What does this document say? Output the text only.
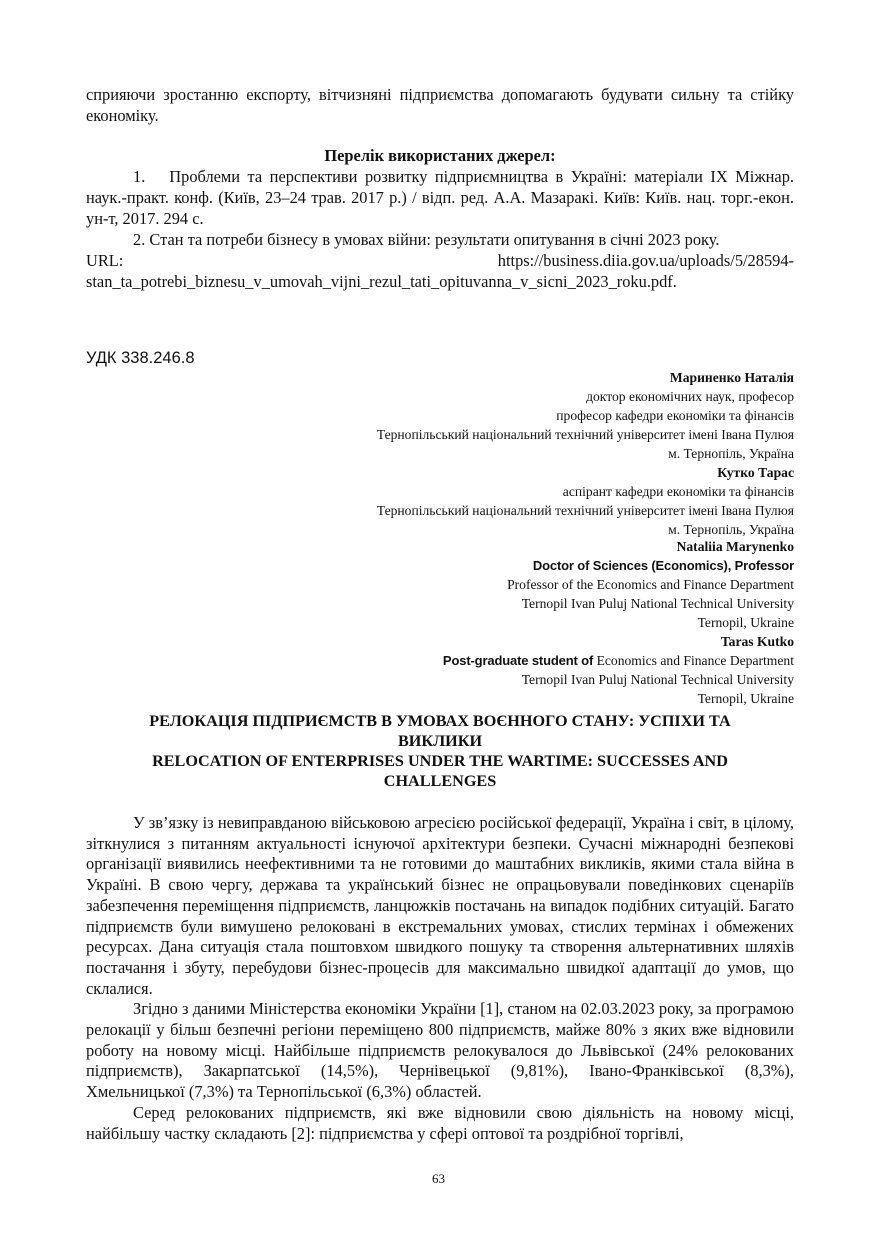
сприяючи зростанню експорту, вітчизняні підприємства допомагають будувати сильну та стійку економіку.

Перелік використаних джерел:

1. Проблеми та перспективи розвитку підприємництва в Україні: матеріали IX Міжнар. наук.-практ. конф. (Київ, 23–24 трав. 2017 р.) / відп. ред. А.А. Мазаракі. Київ: Київ. нац. торг.-екон. ун-т, 2017. 294 с.

2. Стан та потреби бізнесу в умовах війни: результати опитування в січні 2023 року.

URL:	https://business.diia.gov.ua/uploads/5/28594-

stan_ta_potrebi_biznesu_v_umovah_vijni_rezul_tati_opituvanna_v_sicni_2023_roku.pdf.

УДК 338.246.8
Мариненко Наталія
доктор економічних наук, професор
професор кафедри економіки та фінансів
Тернопільський національний технічний університет імені Івана Пулюя
м. Тернопіль, Україна
Кутко Тарас
аспірант кафедри економіки та фінансів
Тернопільський національний технічний університет імені Івана Пулюя
м. Тернопіль, Україна
Nataliia Marynenko
Doctor of Sciences (Economics), Professor
Professor of the Economics and Finance Department
Ternopil Ivan Puluj National Technical University
Ternopil, Ukraine
Taras Kutko
Post-graduate student of Economics and Finance Department
Ternopil Ivan Puluj National Technical University
Ternopil, Ukraine
РЕЛОКАЦІЯ ПІДПРИЄМСТВ В УМОВАХ ВОЄННОГО СТАНУ: УСПІХИ ТА
ВИКЛИКИ
RELOCATION OF ENTERPRISES UNDER THE WARTIME: SUCCESSES AND
CHALLENGES
У зв’язку із невиправданою військовою агресією російської федерації, Україна і світ, в цілому, зіткнулися з питанням актуальності існуючої архітектури безпеки. Сучасні міжнародні безпекові організації виявились неефективними та не готовими до маштабних викликів, якими стала війна в Україні. В свою чергу, держава та український бізнес не опрацьовували поведінкових сценаріїв забезпечення переміщення підприємств, ланцюжків постачань на випадок подібних ситуацій. Багато підприємств були вимушено релоковані в екстремальних умовах, стислих термінах і обмежених ресурсах. Дана ситуація стала поштовхом швидкого пошуку та створення альтернативних шляхів постачання і збуту, перебудови бізнес-процесів для максимально швидкої адаптації до умов, що склалися.
Згідно з даними Міністерства економіки України [1], станом на 02.03.2023 року, за програмою релокації у більш безпечні регіони переміщено 800 підприємств, майже 80% з яких вже відновили роботу на новому місці. Найбільше підприємств релокувалося до Львівської (24% релокованих підприємств), Закарпатської (14,5%), Чернівецької (9,81%), Івано-Франківської (8,3%), Хмельницької (7,3%) та Тернопільської (6,3%) областей.
Серед релокованих підприємств, які вже відновили свою діяльність на новому місці, найбільшу частку складають [2]: підприємства у сфері оптової та роздрібної торгівлі,
63
